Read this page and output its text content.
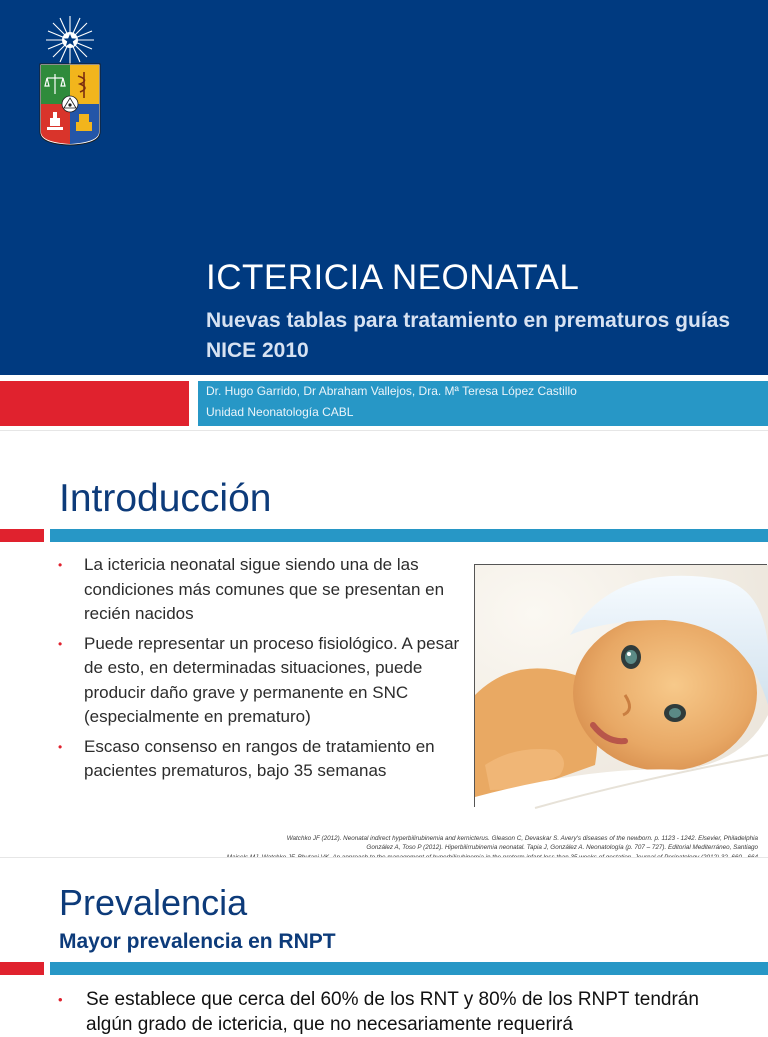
ICTERICIA NEONATAL
Nuevas tablas para tratamiento en prematuros guías NICE 2010
Dr. Hugo Garrido, Dr Abraham Vallejos, Dra. Mª Teresa López Castillo
Unidad Neonatología CABL
Introducción
• La ictericia neonatal sigue siendo una de las condiciones más comunes que se presentan en recién nacidos
• Puede representar un proceso fisiológico. A pesar de esto, en determinadas situaciones, puede producir daño grave y permanente en SNC (especialmente en prematuro)
• Escaso consenso en rangos de tratamiento en pacientes prematuros, bajo 35 semanas
Watchko JF (2012). Neonatal indirect hyperbilirubinemia and kernicterus. Gleason C, Devaskar S. Avery's diseases of the newborn. p. 1123 - 1242. Elsevier, Philadelphia
González A, Toso P (2012). Hiperbilirrubinemia neonatal. Tapia J, González A. Neonatología (p. 707 – 727). Editorial Mediterráneo, Santiago
Prevalencia
Mayor prevalencia en RNPT
• Se establece que cerca del 60% de los RNT y 80% de los RNPT tendrán algún grado de ictericia, que no necesariamente requerirá
